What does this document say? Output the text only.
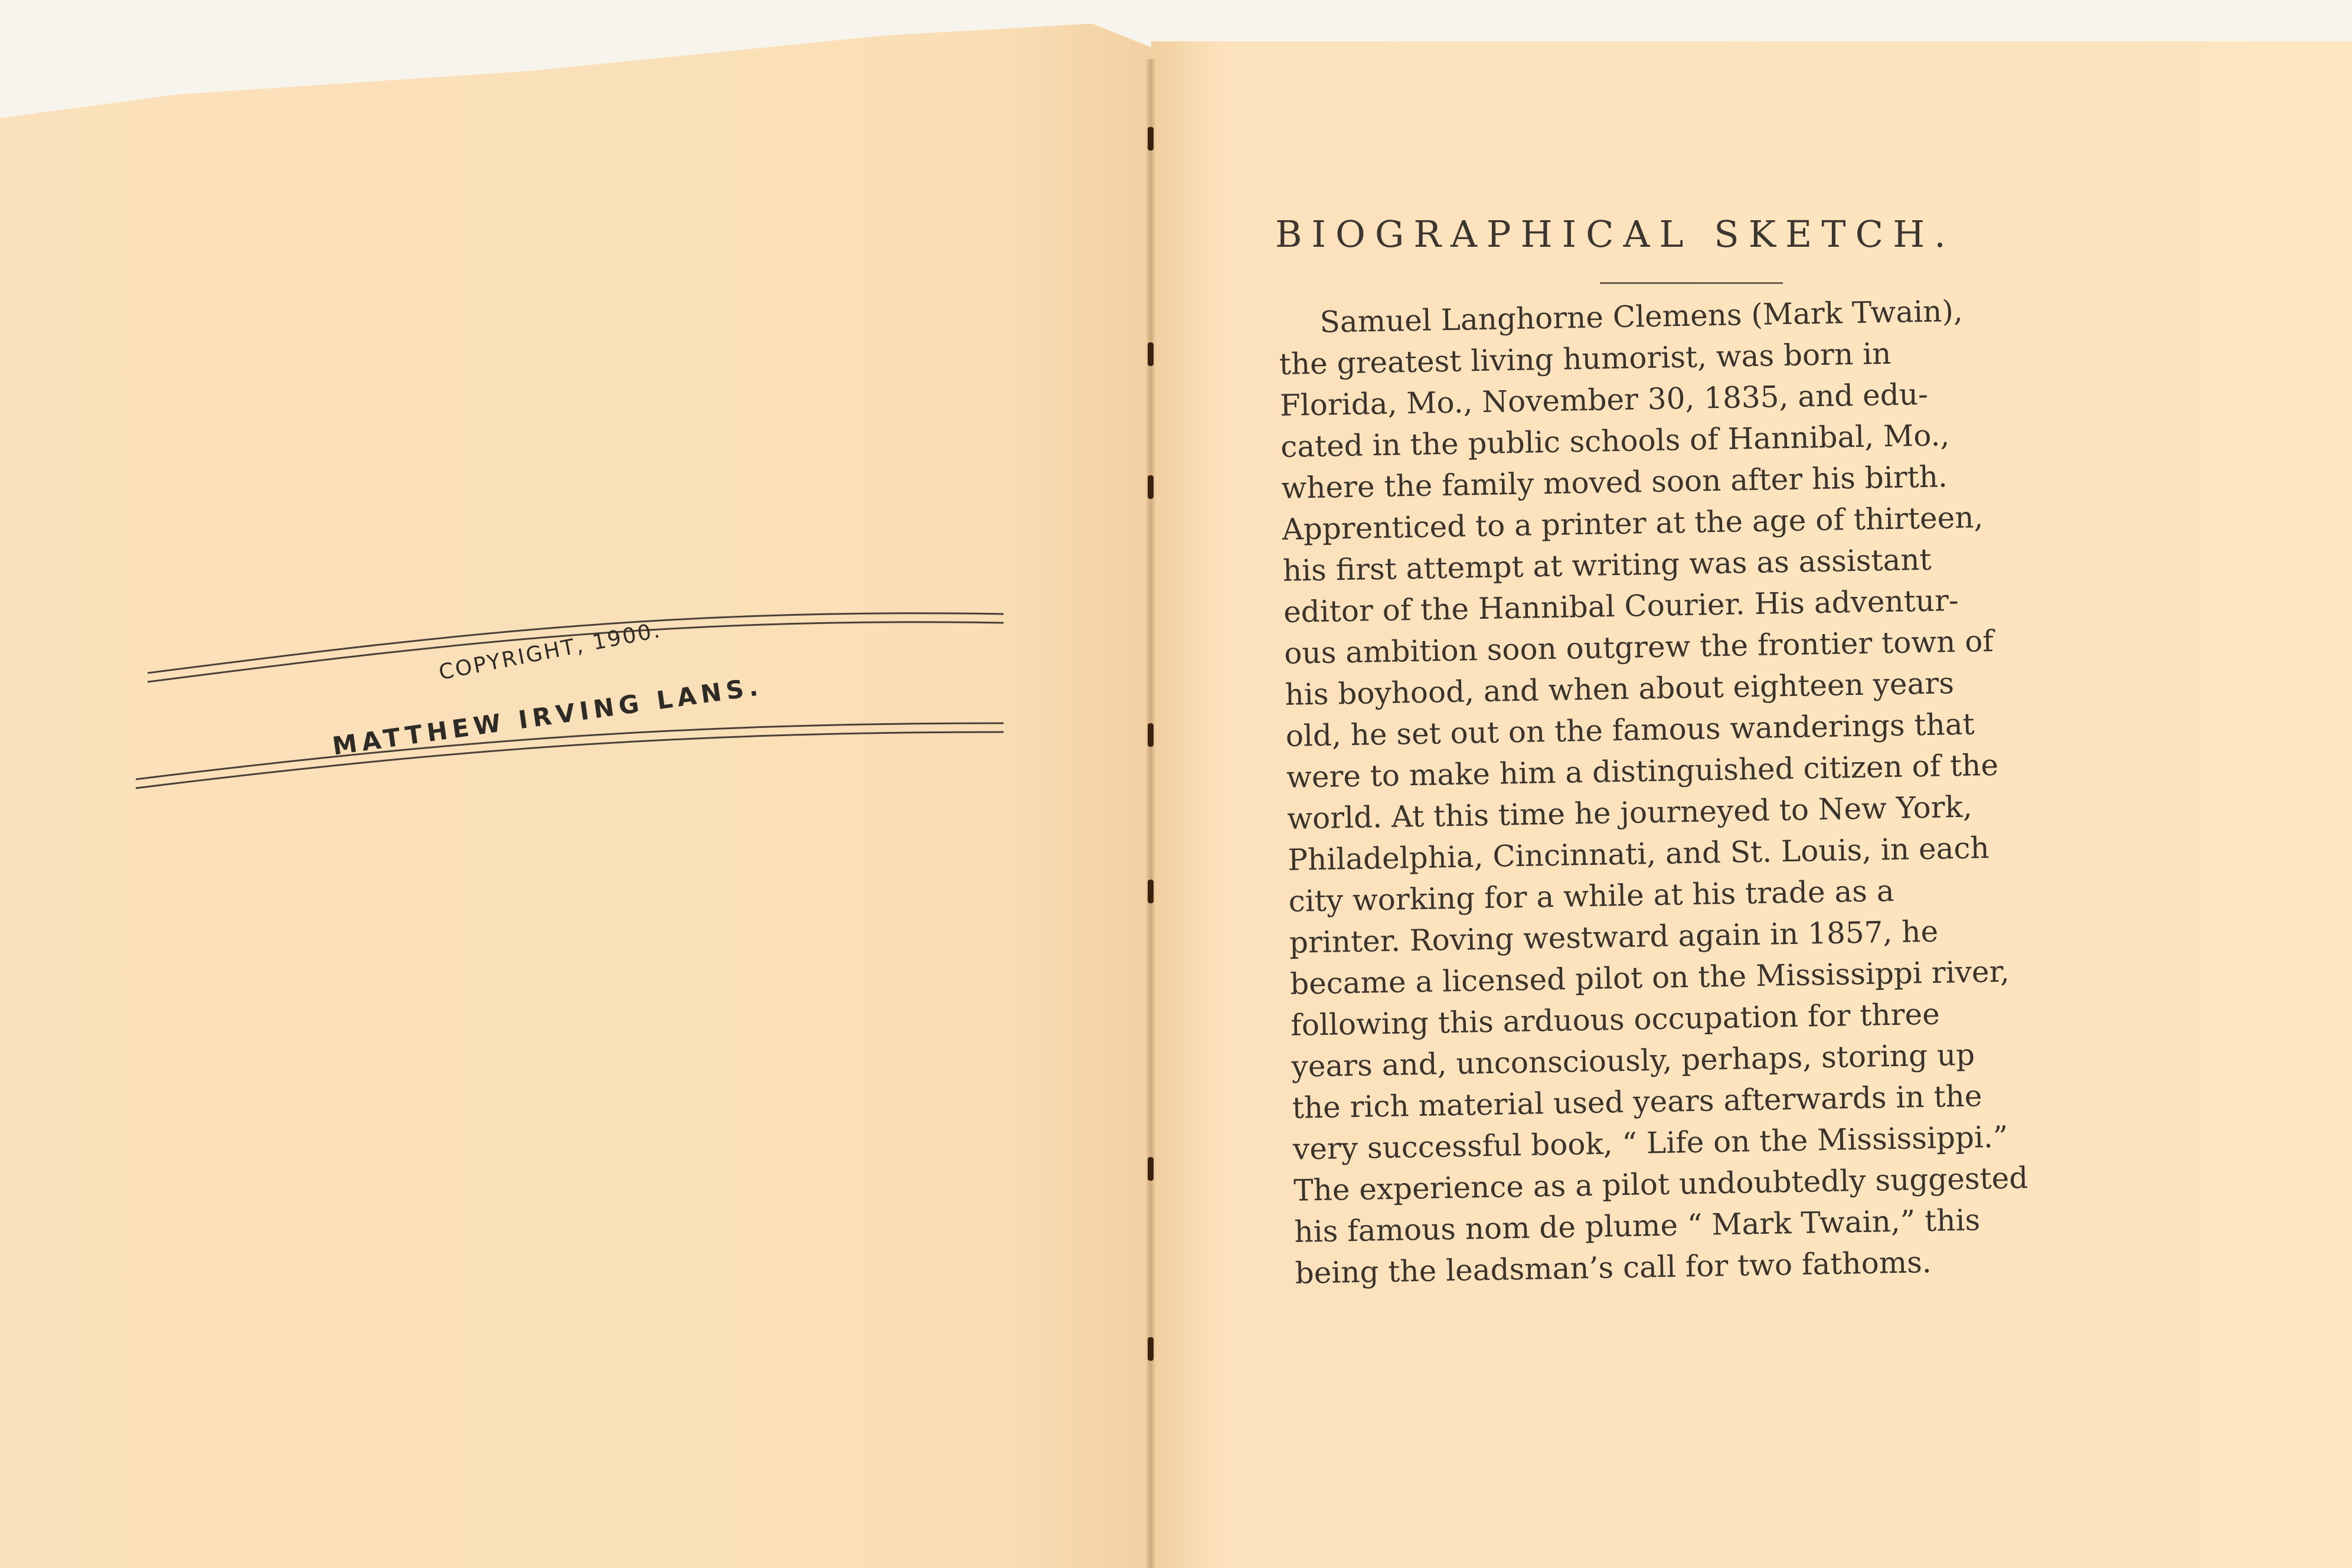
COPYRIGHT, 1900.
MATTHEW IRVING LANS.
BIOGRAPHICAL SKETCH.
Samuel Langhorne Clemens (Mark Twain),
the greatest living humorist, was born in
Florida, Mo., November 30, 1835, and edu-
cated in the public schools of Hannibal, Mo.,
where the family moved soon after his birth.
Apprenticed to a printer at the age of thirteen,
his first attempt at writing was as assistant
editor of the Hannibal Courier. His adventur-
ous ambition soon outgrew the frontier town of
his boyhood, and when about eighteen years
old, he set out on the famous wanderings that
were to make him a distinguished citizen of the
world. At this time he journeyed to New York,
Philadelphia, Cincinnati, and St. Louis, in each
city working for a while at his trade as a
printer. Roving westward again in 1857, he
became a licensed pilot on the Mississippi river,
following this arduous occupation for three
years and, unconsciously, perhaps, storing up
the rich material used years afterwards in the
very successful book, “ Life on the Mississippi.”
The experience as a pilot undoubtedly suggested
his famous nom de plume “ Mark Twain,” this
being the leadsman’s call for two fathoms.
